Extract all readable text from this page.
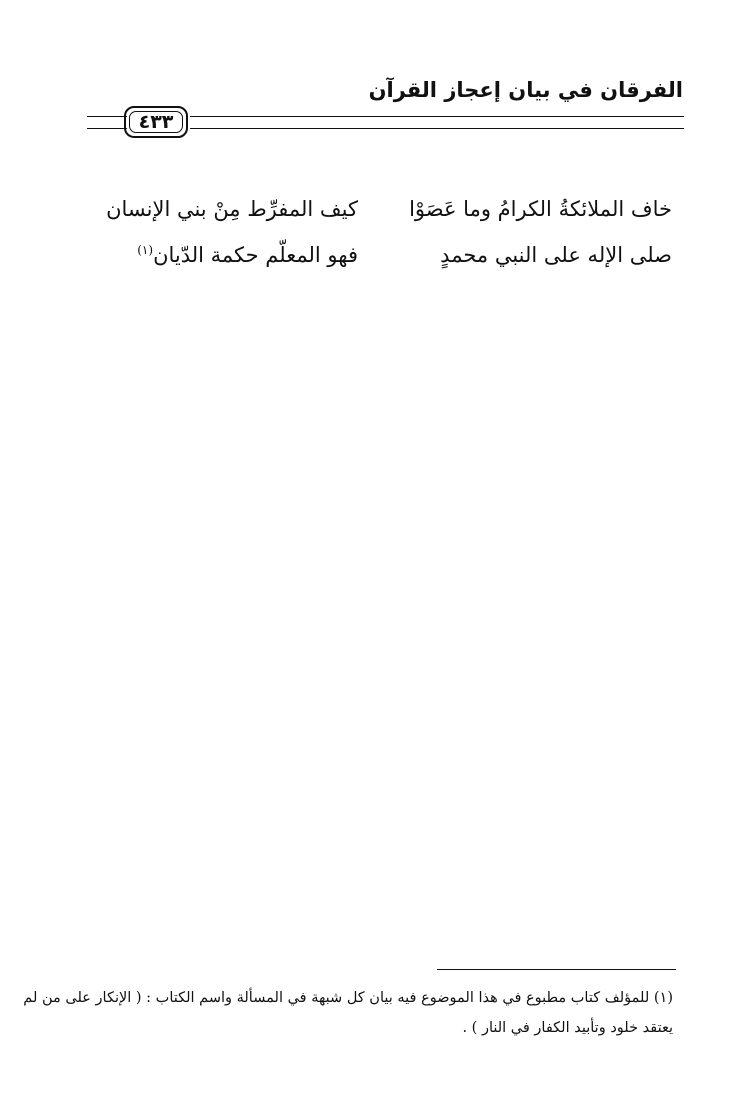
الفرقان في بيان إعجاز القرآن
٤٣٣
خاف الملائكةُ الكرامُ وما عَصَوْا
كيف المفرِّط مِنْ بني الإنسان
صلى الإله على النبي محمدٍ
فهو المعلّم حكمة الدّيان$^{(١)}$
(١) للمؤلف كتاب مطبوع في هذا الموضوع فيه بيان كل شبهة في المسألة واسم الكتاب : ( الإنكار على من لم
يعتقد خلود وتأبيد الكفار في النار ) .
